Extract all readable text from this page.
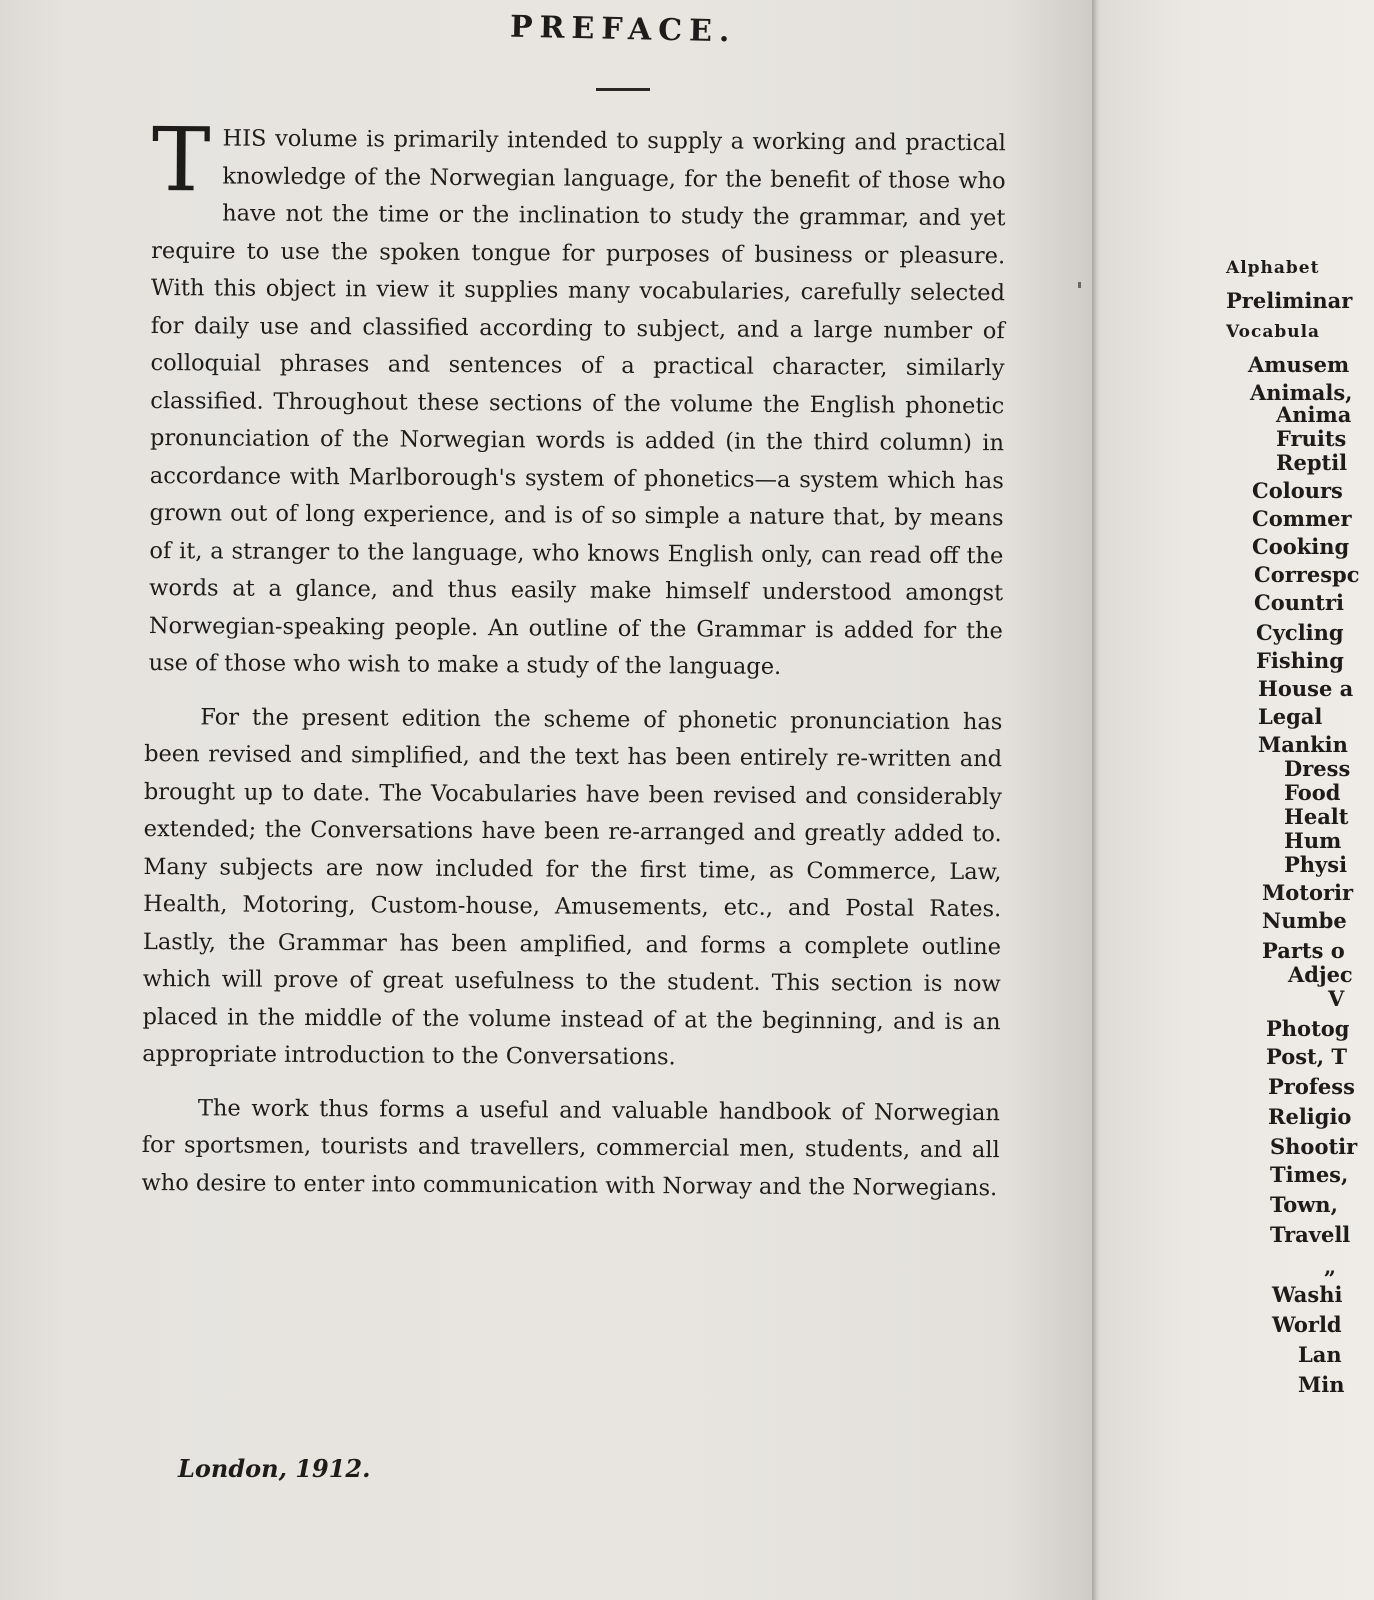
PREFACE.

THIS volume is primarily intended to supply a working and practical knowledge of the Norwegian language, for the benefit of those who have not the time or the inclination to study the grammar, and yet require to use the spoken tongue for purposes of business or pleasure. With this object in view it supplies many vocabularies, carefully selected for daily use and classified according to subject, and a large number of colloquial phrases and sentences of a practical character, similarly classified. Throughout these sections of the volume the English phonetic pronunciation of the Norwegian words is added (in the third column) in accordance with Marlborough's system of phonetics—a system which has grown out of long experience, and is of so simple a nature that, by means of it, a stranger to the language, who knows English only, can read off the words at a glance, and thus easily make himself understood amongst Norwegian-speaking people. An outline of the Grammar is added for the use of those who wish to make a study of the language.

For the present edition the scheme of phonetic pronunciation has been revised and simplified, and the text has been entirely re-written and brought up to date. The Vocabularies have been revised and considerably extended; the Conversations have been re-arranged and greatly added to. Many subjects are now included for the first time, as Commerce, Law, Health, Motoring, Custom-house, Amusements, etc., and Postal Rates. Lastly, the Grammar has been amplified, and forms a complete outline which will prove of great usefulness to the student. This section is now placed in the middle of the volume instead of at the beginning, and is an appropriate introduction to the Conversations.

The work thus forms a useful and valuable handbook of Norwegian for sportsmen, tourists and travellers, commercial men, students, and all who desire to enter into communication with Norway and the Norwegians.

London, 1912.

Alphabet
Preliminar
Vocabula
Amusem
Animals,
Anima
Fruits
Reptil
Colours
Commer
Cooking
Correspc
Countri
Cycling
Fishing
House a
Legal
Mankin
Dress
Food
Healt
Hum
Physi
Motorir
Numbe
Parts o
Adjec
V
Photog
Post, T
Profess
Religio
Shootir
Times,
Town,
Travell
„
Washi
World
Lan
Min
